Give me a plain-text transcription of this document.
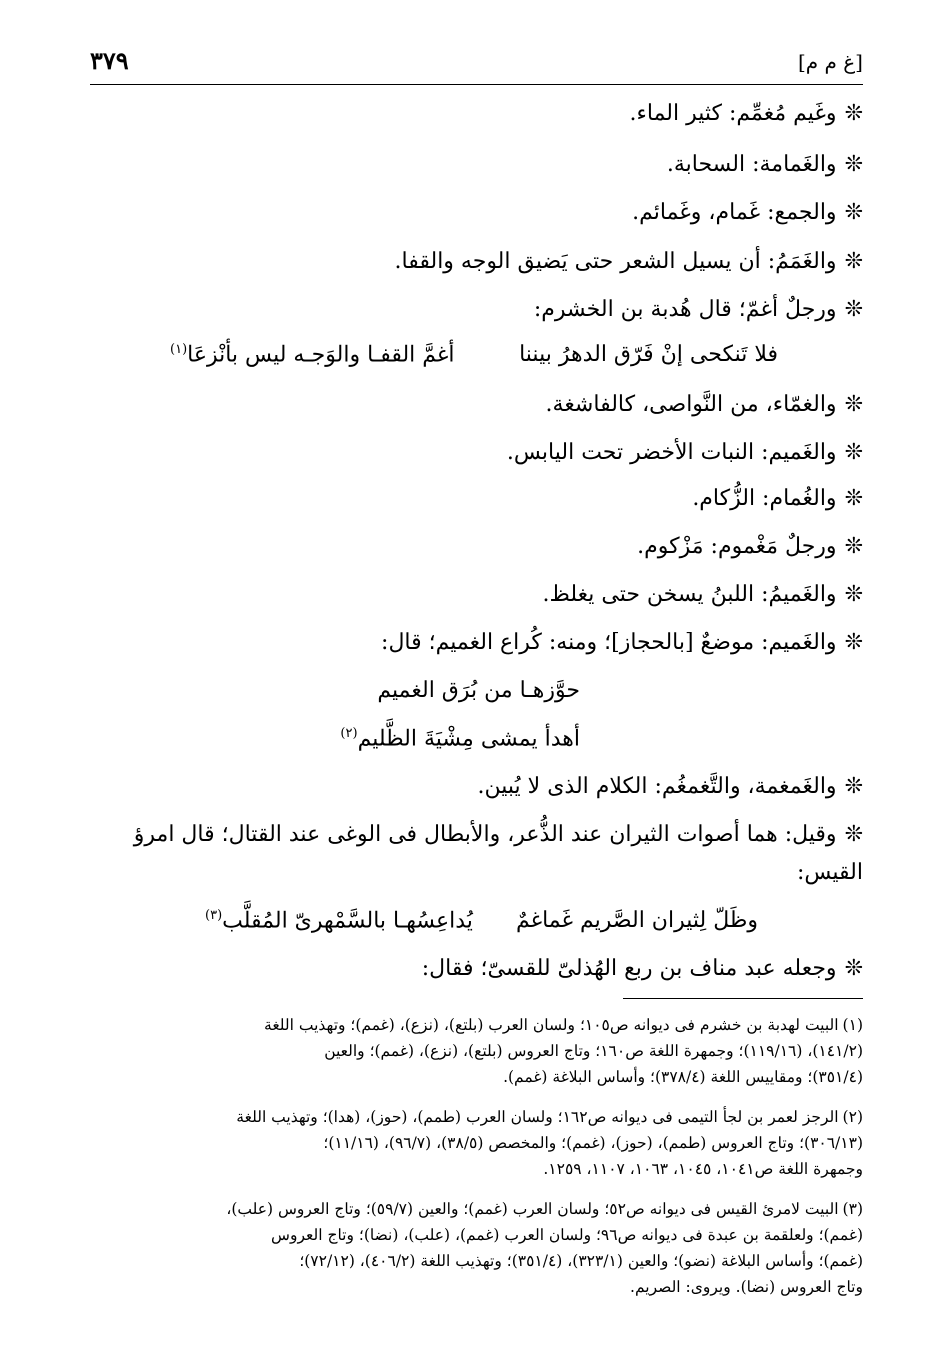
[غ م م]
٣٧٩
❊وغَيم مُغمِّم: كثير الماء.
❊والغَمامة: السحابة.
❊والجمع: غَمام، وغَمائم.
❊والغَمَمُ: أن يسيل الشعر حتى يَضيق الوجه والقفا.
❊ورجلٌ أغمّ؛ قال هُدبة بن الخشرم:
فلا تَنكحى إنْ فَرّق الدهرُ بيننا
أغمَّ القفـا والوَجـه ليس بأنْزعَا$^{(١)}$
❊والغمّاء، من النَّواصى، كالفاشغة.
❊والغَميم: النبات الأخضر تحت اليابس.
❊والغُمام: الزُّكام.
❊ورجلٌ مَغْموم: مَزْكوم.
❊والغَميمُ: اللبنُ يسخن حتى يغلظ.
❊والغَميم: موضعٌ [بالحجاز]؛ ومنه: كُراع الغميم؛ قال:
حوَّزهـا من بُرَق الغميم
أهدأ يمشى مِشْيَةَ الظَّليم$^{(٢)}$
❊والغَمغمة، والتَّغمغُم: الكلام الذى لا يُبين.
❊وقيل: هما أصوات الثيران عند الذُّعر، والأبطال فى الوغى عند القتال؛ قال امرؤ
القيس:
وظَلّ لِثيران الصَّريم غَماغمٌ
يُداعِسُهـا بالسَّمْهرىّ المُقلَّب$^{(٣)}$
❊وجعله عبد مناف بن ربع الهُذلىّ للقسىّ؛ فقال:
(١)البيت لهدبة بن خشرم فى ديوانه ص١٠٥؛ ولسان العرب (بلتع)، (نزع)، (غمم)؛ وتهذيب اللغة
(١٤١/٢)، (١١٩/١٦)؛ وجمهرة اللغة ص١٦٠؛ وتاج العروس (بلتع)، (نزع)، (غمم)؛ والعين
(٣٥١/٤)؛ ومقاييس اللغة (٣٧٨/٤)؛ وأساس البلاغة (غمم).
(٢)الرجز لعمر بن لجأ التيمى فى ديوانه ص١٦٢؛ ولسان العرب (طمم)، (حوز)، (هدا)؛ وتهذيب اللغة
(٣٠٦/١٣)؛ وتاج العروس (طمم)، (حوز)، (غمم)؛ والمخصص (٣٨/٥)، (٩٦/٧)، (١١/١٦)؛
وجمهرة اللغة ص١٠٤١، ١٠٤٥، ١٠٦٣، ١١٠٧، ١٢٥٩.
(٣)البيت لامرئ القيس فى ديوانه ص٥٢؛ ولسان العرب (غمم)؛ والعين (٥٩/٧)؛ وتاج العروس (علب)،
(غمم)؛ ولعلقمة بن عبدة فى ديوانه ص٩٦؛ ولسان العرب (غمم)، (علب)، (نضا)؛ وتاج العروس
(غمم)؛ وأساس البلاغة (نضو)؛ والعين (٣٢٣/١)، (٣٥١/٤)؛ وتهذيب اللغة (٤٠٦/٢)، (٧٢/١٢)؛
وتاج العروس (نضا). ويروى: الصريم.
